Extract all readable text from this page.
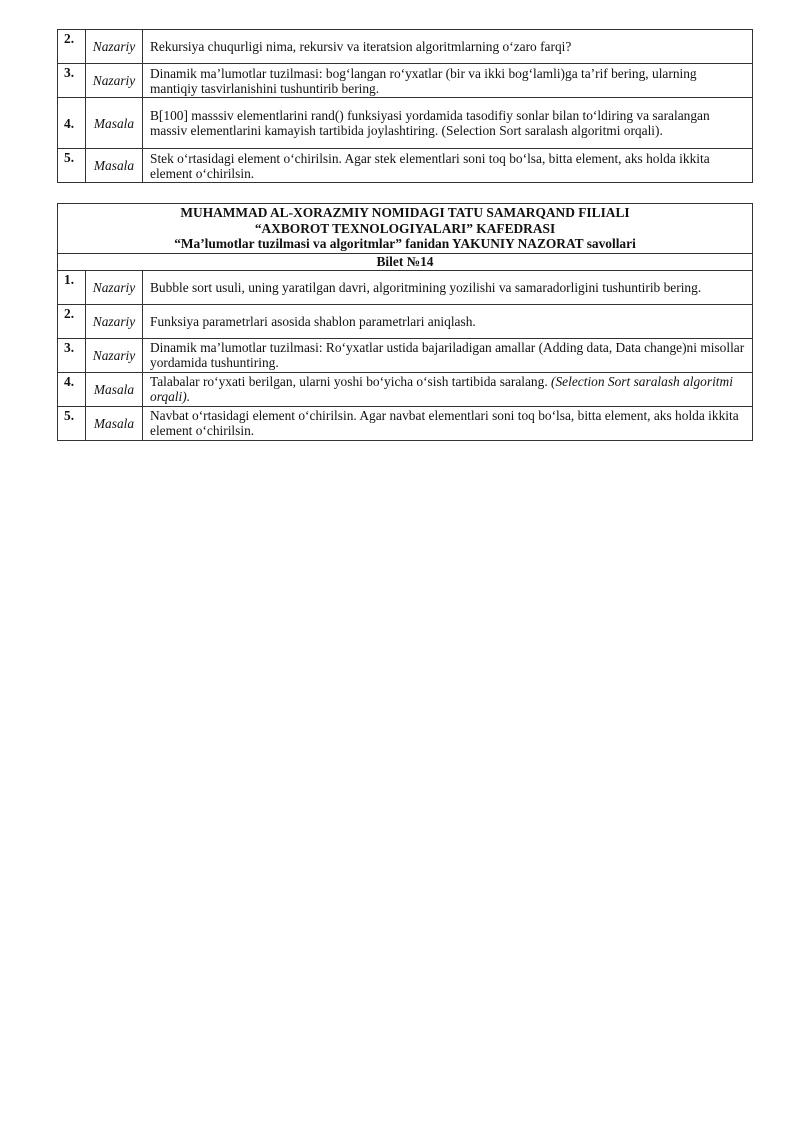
2.	Nazariy	Rekursiya chuqurligi nima, rekursiv va iteratsion algoritmlarning o‘zaro farqi?
3.	Nazariy	Dinamik ma’lumotlar tuzilmasi: bog‘langan ro‘yxatlar (bir va ikki bog‘lamli)ga ta’rif bering, ularning mantiqiy tasvirlanishini tushuntirib bering.
4.	Masala	B[100] masssiv elementlarini rand() funksiyasi yordamida tasodifiy sonlar bilan to‘ldiring va saralangan massiv elementlarini kamayish tartibida joylashtiring. (Selection Sort saralash algoritmi orqali).
5.	Masala	Stek o‘rtasidagi element o‘chirilsin. Agar stek elementlari soni toq bo‘lsa, bitta element, aks holda ikkita element o‘chirilsin.
MUHAMMAD AL-XORAZMIY NOMIDAGI TATU SAMARQAND FILIALI
“AXBOROT TEXNOLOGIYALARI” KAFEDRASI
“Ma’lumotlar tuzilmasi va algoritmlar” fanidan YAKUNIY NAZORAT savollari		

Bilet №14		
1.	Nazariy	Bubble sort usuli, uning yaratilgan davri, algoritmining yozilishi va samaradorligini tushuntirib bering.
2.	Nazariy	Funksiya parametrlari asosida shablon parametrlari aniqlash.
3.	Nazariy	Dinamik ma’lumotlar tuzilmasi: Ro‘yxatlar ustida bajariladigan amallar (Adding data, Data change)ni misollar yordamida tushuntiring.
4.	Masala	Talabalar ro‘yxati berilgan, ularni yoshi bo‘yicha o‘sish tartibida saralang. (Selection Sort saralash algoritmi orqali).
5.	Masala	Navbat o‘rtasidagi element o‘chirilsin. Agar navbat elementlari soni toq bo‘lsa, bitta element, aks holda ikkita element o‘chirilsin.
